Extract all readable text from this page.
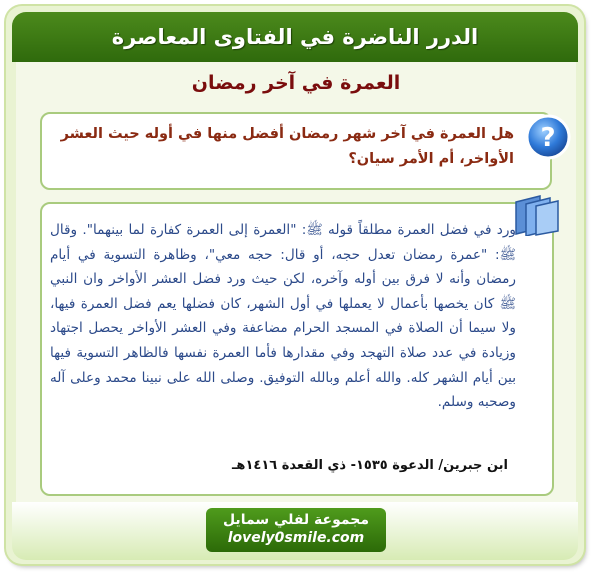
الدرر الناضرة في الفتاوى المعاصرة
العمرة في آخر رمضان
هل العمرة في آخر شهر رمضان أفضل منها في أوله حيث العشر الأواخر، أم الأمر سيان؟
?
ورد في فضل العمرة مطلقاً قوله ﷺ: "العمرة إلى العمرة كفارة لما بينهما". وقال ﷺ: "عمرة رمضان تعدل حجه، أو قال: حجه معي"، وظاهرة التسوية في أيام رمضان وأنه لا فرق بين أوله وآخره، لكن حيث ورد فضل العشر الأواخر وان النبي ﷺ كان يخصها بأعمال لا يعملها في أول الشهر، كان فضلها يعم فضل العمرة فيها، ولا سيما أن الصلاة في المسجد الحرام مضاعفة وفي العشر الأواخر يحصل اجتهاد وزيادة في عدد صلاة التهجد وفي مقدارها فأما العمرة نفسها فالظاهر التسوية فيها بين أيام الشهر كله. والله أعلم وبالله التوفيق. وصلى الله على نبينا محمد وعلى آله وصحبه وسلم.
ابن جبرين/ الدعوة ١٥٣٥- ذي القعدة ١٤١٦هـ
مجموعة لفلي سمايل
lovely0smile.com
